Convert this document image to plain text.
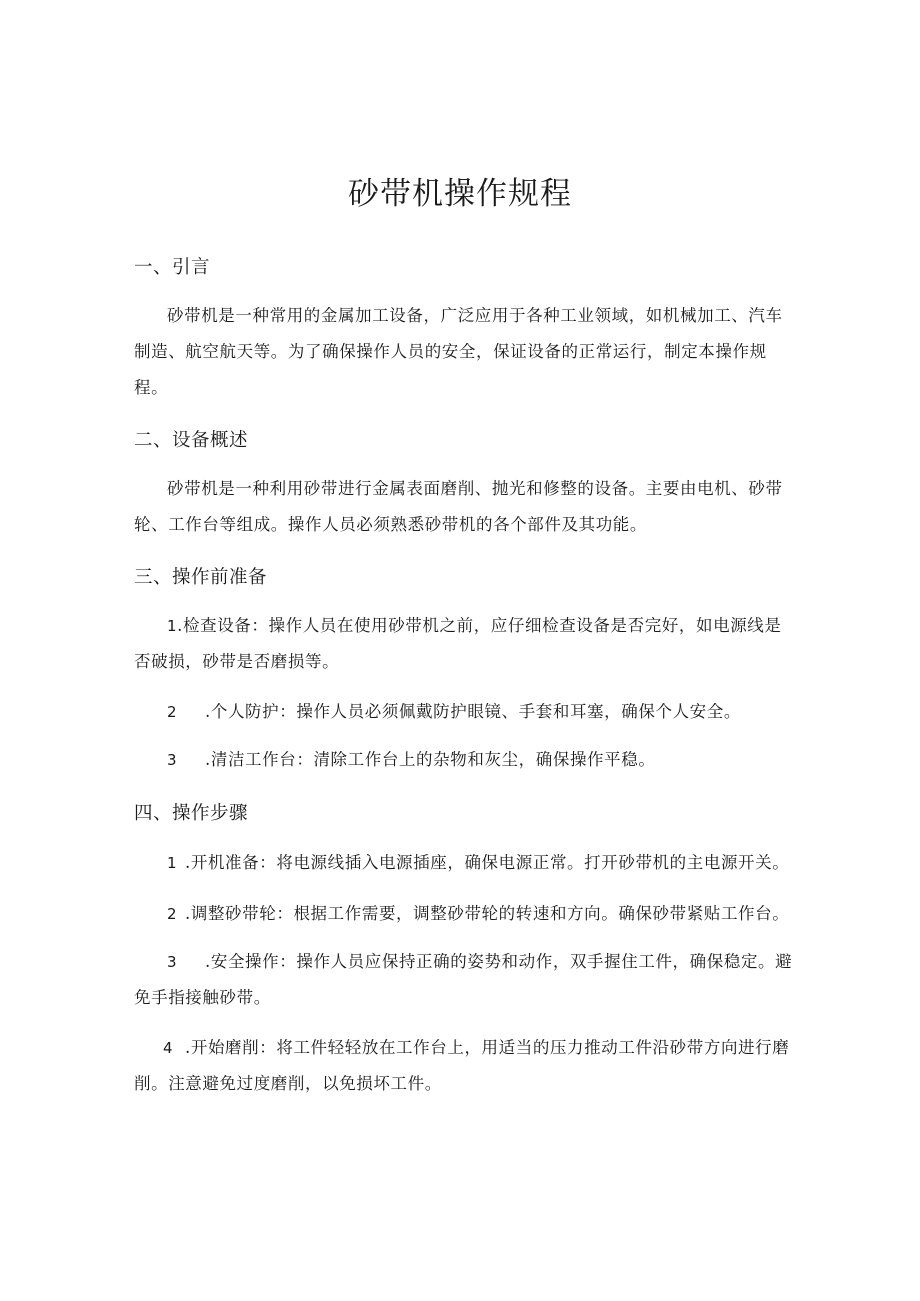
砂带机操作规程
一、引言

砂带机是一种常用的金属加工设备，广泛应用于各种工业领域，如机械加工、汽车制造、航空航天等。为了确保操作人员的安全，保证设备的正常运行，制定本操作规程。

二、设备概述

砂带机是一种利用砂带进行金属表面磨削、抛光和修整的设备。主要由电机、砂带轮、工作台等组成。操作人员必须熟悉砂带机的各个部件及其功能。

三、操作前准备

1.检查设备：操作人员在使用砂带机之前，应仔细检查设备是否完好，如电源线是否破损，砂带是否磨损等。

2 .个人防护：操作人员必须佩戴防护眼镜、手套和耳塞，确保个人安全。

3 .清洁工作台：清除工作台上的杂物和灰尘，确保操作平稳。

四、操作步骤

1 .开机准备：将电源线插入电源插座，确保电源正常。打开砂带机的主电源开关。

2 .调整砂带轮：根据工作需要，调整砂带轮的转速和方向。确保砂带紧贴工作台。

3 .安全操作：操作人员应保持正确的姿势和动作，双手握住工件，确保稳定。避免手指接触砂带。

4 .开始磨削：将工件轻轻放在工作台上，用适当的压力推动工件沿砂带方向进行磨削。注意避免过度磨削，以免损坏工件。
